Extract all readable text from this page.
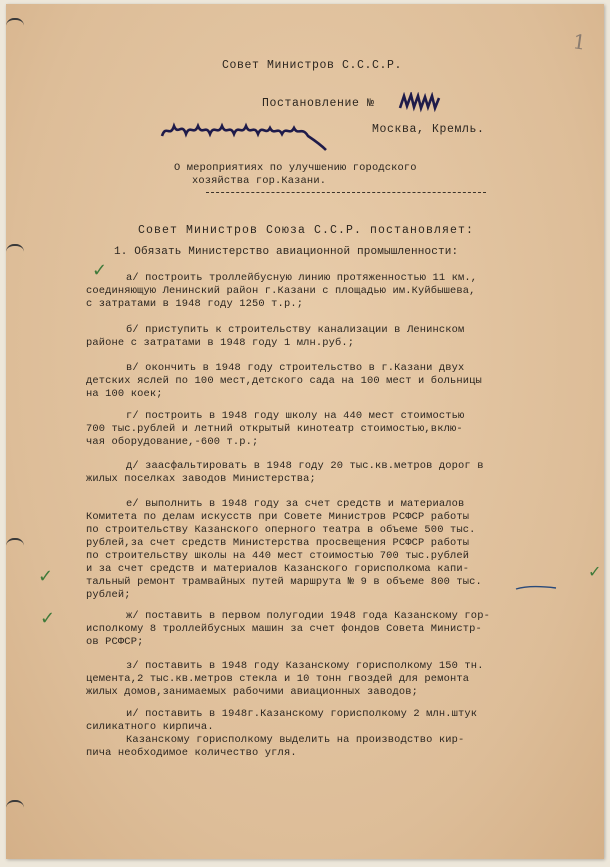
1
Совет Министров С.С.С.Р.
Постановление №
Москва, Кремль.
О мероприятиях по улучшению городского
хозяйства гор.Казани.
Совет Министров Союза С.С.Р. постановляет:
1. Обязать Министерство авиационной промышленности:
а/ построить троллейбусную линию протяженностью 11 км.,
соединяющую Ленинский район г.Казани с площадью им.Куйбышева,
с затратами в 1948 году 1250 т.р.;
б/ приступить к строительству канализации в Ленинском
районе с затратами в 1948 году 1 млн.руб.;
в/ окончить в 1948 году строительство в г.Казани двух
детских яслей по 100 мест,детского сада на 100 мест и больницы
на 100 коек;
г/ построить в 1948 году школу на 440 мест стоимостью
700 тыс.рублей и летний открытый кинотеатр стоимостью,вклю-
чая оборудование,-600 т.р.;
д/ заасфальтировать в 1948 году 20 тыс.кв.метров дорог в
жилых поселках заводов Министерства;
е/ выполнить в 1948 году за счет средств и материалов
Комитета по делам искусств при Совете Министров РСФСР работы
по строительству Казанского оперного театра в объеме 500 тыс.
рублей,за счет средств Министерства просвещения РСФСР работы
по строительству школы на 440 мест стоимостью 700 тыс.рублей
и за счет средств и материалов Казанского горисполкома капи-
тальный ремонт трамвайных путей маршрута № 9 в объеме 800 тыс.
рублей;
ж/ поставить в первом полугодии 1948 года Казанскому гор-
исполкому 8 троллейбусных машин за счет фондов Совета Министр-
ов РСФСР;
з/ поставить в 1948 году Казанскому горисполкому 150 тн.
цемента,2 тыс.кв.метров стекла и 10 тонн гвоздей для ремонта
жилых домов,занимаемых рабочими авиационных заводов;
и/ поставить в 1948г.Казанскому горисполкому 2 млн.штук
силикатного кирпича.
Казанскому горисполкому выделить на производство кир-
пича необходимое количество угля.
✓
✓
✓
✓
